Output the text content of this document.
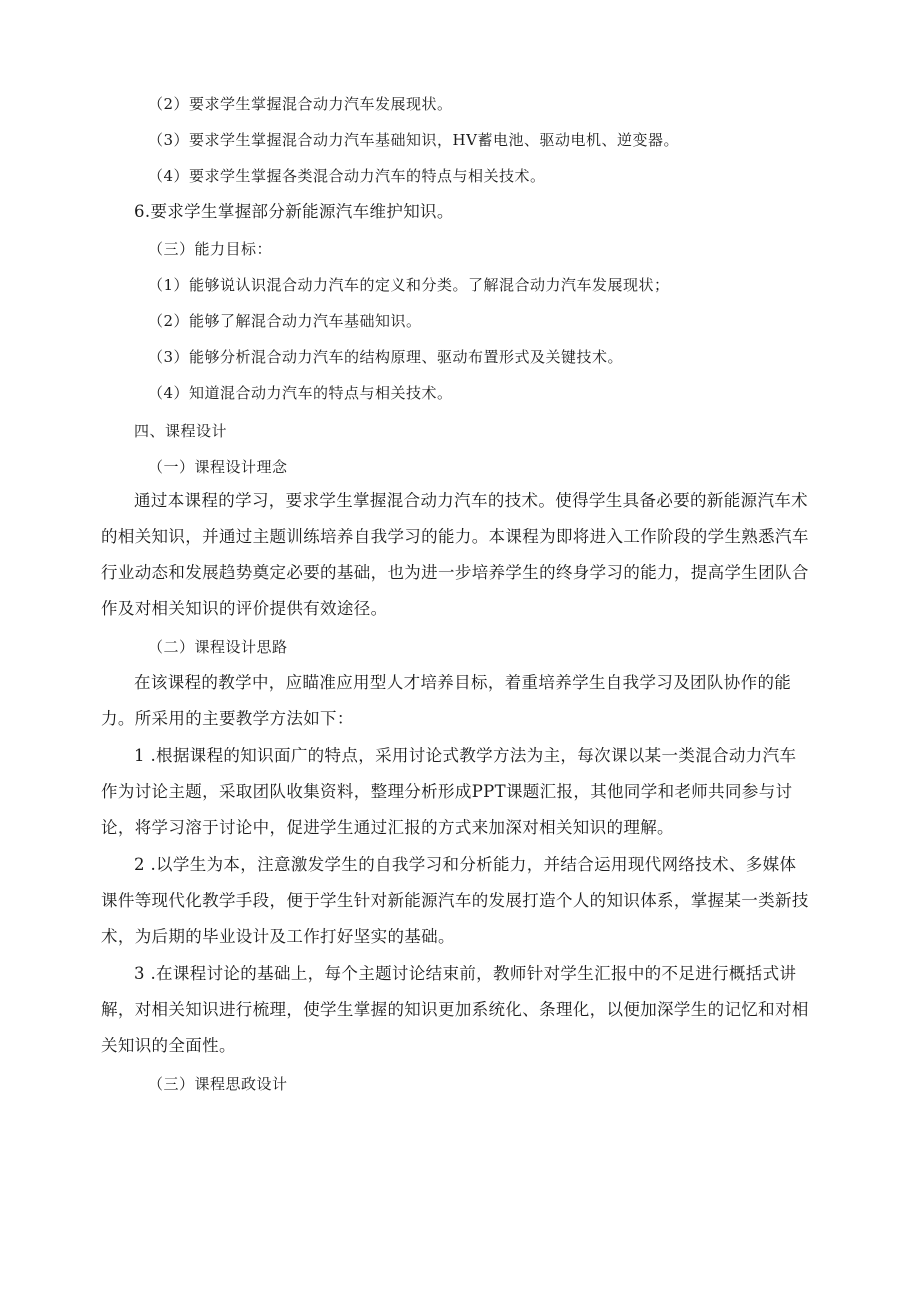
（2）要求学生掌握混合动力汽车发展现状。
（3）要求学生掌握混合动力汽车基础知识，HV蓄电池、驱动电机、逆变器。
（4）要求学生掌握各类混合动力汽车的特点与相关技术。
6.要求学生掌握部分新能源汽车维护知识。
（三）能力目标：
（1）能够说认识混合动力汽车的定义和分类。了解混合动力汽车发展现状；
（2）能够了解混合动力汽车基础知识。
（3）能够分析混合动力汽车的结构原理、驱动布置形式及关键技术。
（4）知道混合动力汽车的特点与相关技术。
四、课程设计
（一）课程设计理念
通过本课程的学习，要求学生掌握混合动力汽车的技术。使得学生具备必要的新能源汽车术
的相关知识，并通过主题训练培养自我学习的能力。本课程为即将进入工作阶段的学生熟悉汽车
行业动态和发展趋势奠定必要的基础，也为进一步培养学生的终身学习的能力，提高学生团队合
作及对相关知识的评价提供有效途径。
（二）课程设计思路
在该课程的教学中，应瞄准应用型人才培养目标，着重培养学生自我学习及团队协作的能
力。所采用的主要教学方法如下：
1 .根据课程的知识面广的特点，采用讨论式教学方法为主，每次课以某一类混合动力汽车
作为讨论主题，采取团队收集资料，整理分析形成PPT课题汇报，其他同学和老师共同参与讨
论，将学习溶于讨论中，促进学生通过汇报的方式来加深对相关知识的理解。
2 .以学生为本，注意激发学生的自我学习和分析能力，并结合运用现代网络技术、多媒体
课件等现代化教学手段，便于学生针对新能源汽车的发展打造个人的知识体系，掌握某一类新技
术，为后期的毕业设计及工作打好坚实的基础。
3 .在课程讨论的基础上，每个主题讨论结束前，教师针对学生汇报中的不足进行概括式讲
解，对相关知识进行梳理，使学生掌握的知识更加系统化、条理化，以便加深学生的记忆和对相
关知识的全面性。
（三）课程思政设计
